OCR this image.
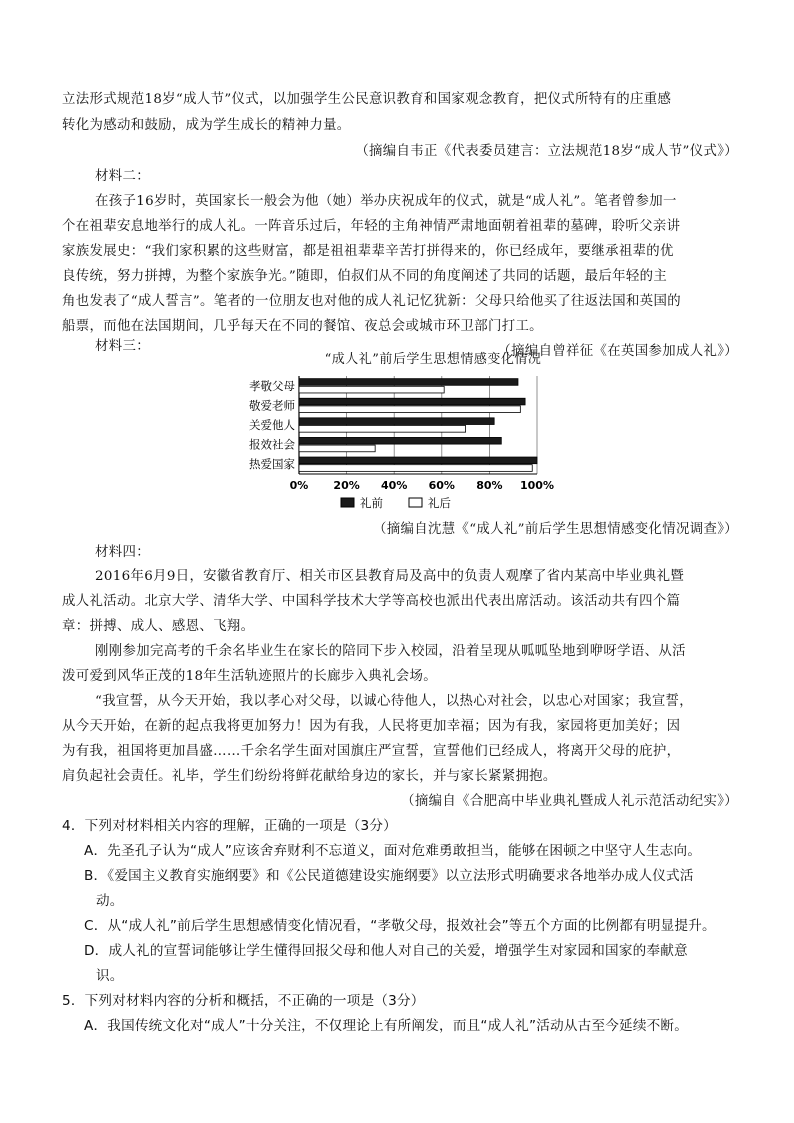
立法形式规范18岁“成人节”仪式，以加强学生公民意识教育和国家观念教育，把仪式所特有的庄重感
转化为感动和鼓励，成为学生成长的精神力量。
（摘编自韦正《代表委员建言：立法规范18岁“成人节”仪式》）
材料二：
在孩子16岁时，英国家长一般会为他（她）举办庆祝成年的仪式，就是“成人礼”。笔者曾参加一
个在祖辈安息地举行的成人礼。一阵音乐过后，年轻的主角神情严肃地面朝着祖辈的墓碑，聆听父亲讲
家族发展史：“我们家积累的这些财富，都是祖祖辈辈辛苦打拼得来的，你已经成年，要继承祖辈的优
良传统，努力拼搏，为整个家族争光。”随即，伯叔们从不同的角度阐述了共同的话题，最后年轻的主
角也发表了“成人誓言”。笔者的一位朋友也对他的成人礼记忆犹新：父母只给他买了往返法国和英国的
船票，而他在法国期间，几乎每天在不同的餐馆、夜总会或城市环卫部门打工。
（摘编自曾祥征《在英国参加成人礼》）
材料三：
“成人礼”前后学生思想情感变化情况
0% 20% 40% 60% 80% 100%
孝敬父母
敬爱老师
关爱他人
报效社会
热爱国家
礼前	礼后
（摘编自沈慧《“成人礼”前后学生思想情感变化情况调查》）
材料四：
2016年6月9日，安徽省教育厅、相关市区县教育局及高中的负责人观摩了省内某高中毕业典礼暨
成人礼活动。北京大学、清华大学、中国科学技术大学等高校也派出代表出席活动。该活动共有四个篇
章：拼搏、成人、感恩、飞翔。
刚刚参加完高考的千余名毕业生在家长的陪同下步入校园，沿着呈现从呱呱坠地到咿呀学语、从活
泼可爱到风华正茂的18年生活轨迹照片的长廊步入典礼会场。
“我宣誓，从今天开始，我以孝心对父母，以诚心待他人，以热心对社会，以忠心对国家；我宣誓，
从今天开始，在新的起点我将更加努力！因为有我，人民将更加幸福；因为有我，家园将更加美好；因
为有我，祖国将更加昌盛……千余名学生面对国旗庄严宣誓，宣誓他们已经成人，将离开父母的庇护，
肩负起社会责任。礼毕，学生们纷纷将鲜花献给身边的家长，并与家长紧紧拥抱。
（摘编自《合肥高中毕业典礼暨成人礼示范活动纪实》）
4．下列对材料相关内容的理解，正确的一项是（3分）
A．先圣孔子认为“成人”应该舍弃财利不忘道义，面对危难勇敢担当，能够在困顿之中坚守人生志向。
B．《爱国主义教育实施纲要》和《公民道德建设实施纲要》以立法形式明确要求各地举办成人仪式活
动。
C．从“成人礼”前后学生思想感情变化情况看，“孝敬父母，报效社会”等五个方面的比例都有明显提升。
D．成人礼的宣誓词能够让学生懂得回报父母和他人对自己的关爱，增强学生对家园和国家的奉献意
识。
5．下列对材料内容的分析和概括，不正确的一项是（3分）
A．我国传统文化对“成人”十分关注，不仅理论上有所阐发，而且“成人礼”活动从古至今延续不断。
